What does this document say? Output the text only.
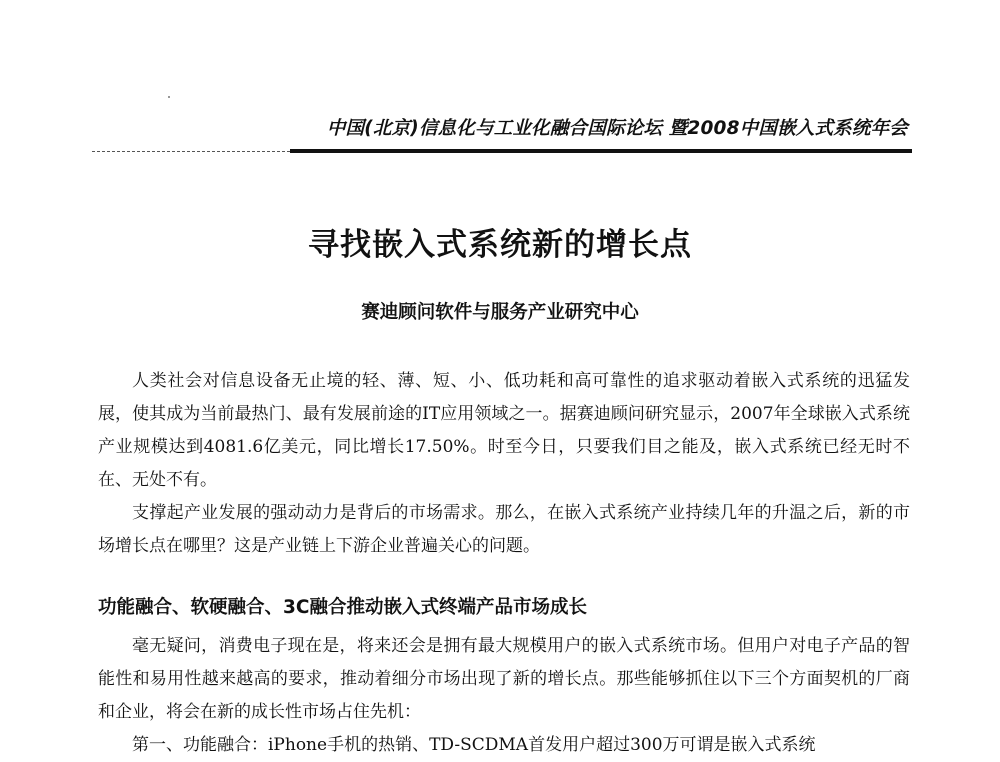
中国(北京)信息化与工业化融合国际论坛 暨2008中国嵌入式系统年会
寻找嵌入式系统新的增长点
赛迪顾问软件与服务产业研究中心

人类社会对信息设备无止境的轻、薄、短、小、低功耗和高可靠性的追求驱动着嵌入式系统的迅猛发展，使其成为当前最热门、最有发展前途的IT应用领域之一。据赛迪顾问研究显示，2007年全球嵌入式系统产业规模达到4081.6亿美元，同比增长17.50%。时至今日，只要我们目之能及，嵌入式系统已经无时不在、无处不有。

支撑起产业发展的强动动力是背后的市场需求。那么，在嵌入式系统产业持续几年的升温之后，新的市场增长点在哪里？这是产业链上下游企业普遍关心的问题。

功能融合、软硬融合、3C融合推动嵌入式终端产品市场成长

毫无疑问，消费电子现在是，将来还会是拥有最大规模用户的嵌入式系统市场。但用户对电子产品的智能性和易用性越来越高的要求，推动着细分市场出现了新的增长点。那些能够抓住以下三个方面契机的厂商和企业，将会在新的成长性市场占住先机：

第一、功能融合：iPhone手机的热销、TD-SCDMA首发用户超过300万可谓是嵌入式系统
